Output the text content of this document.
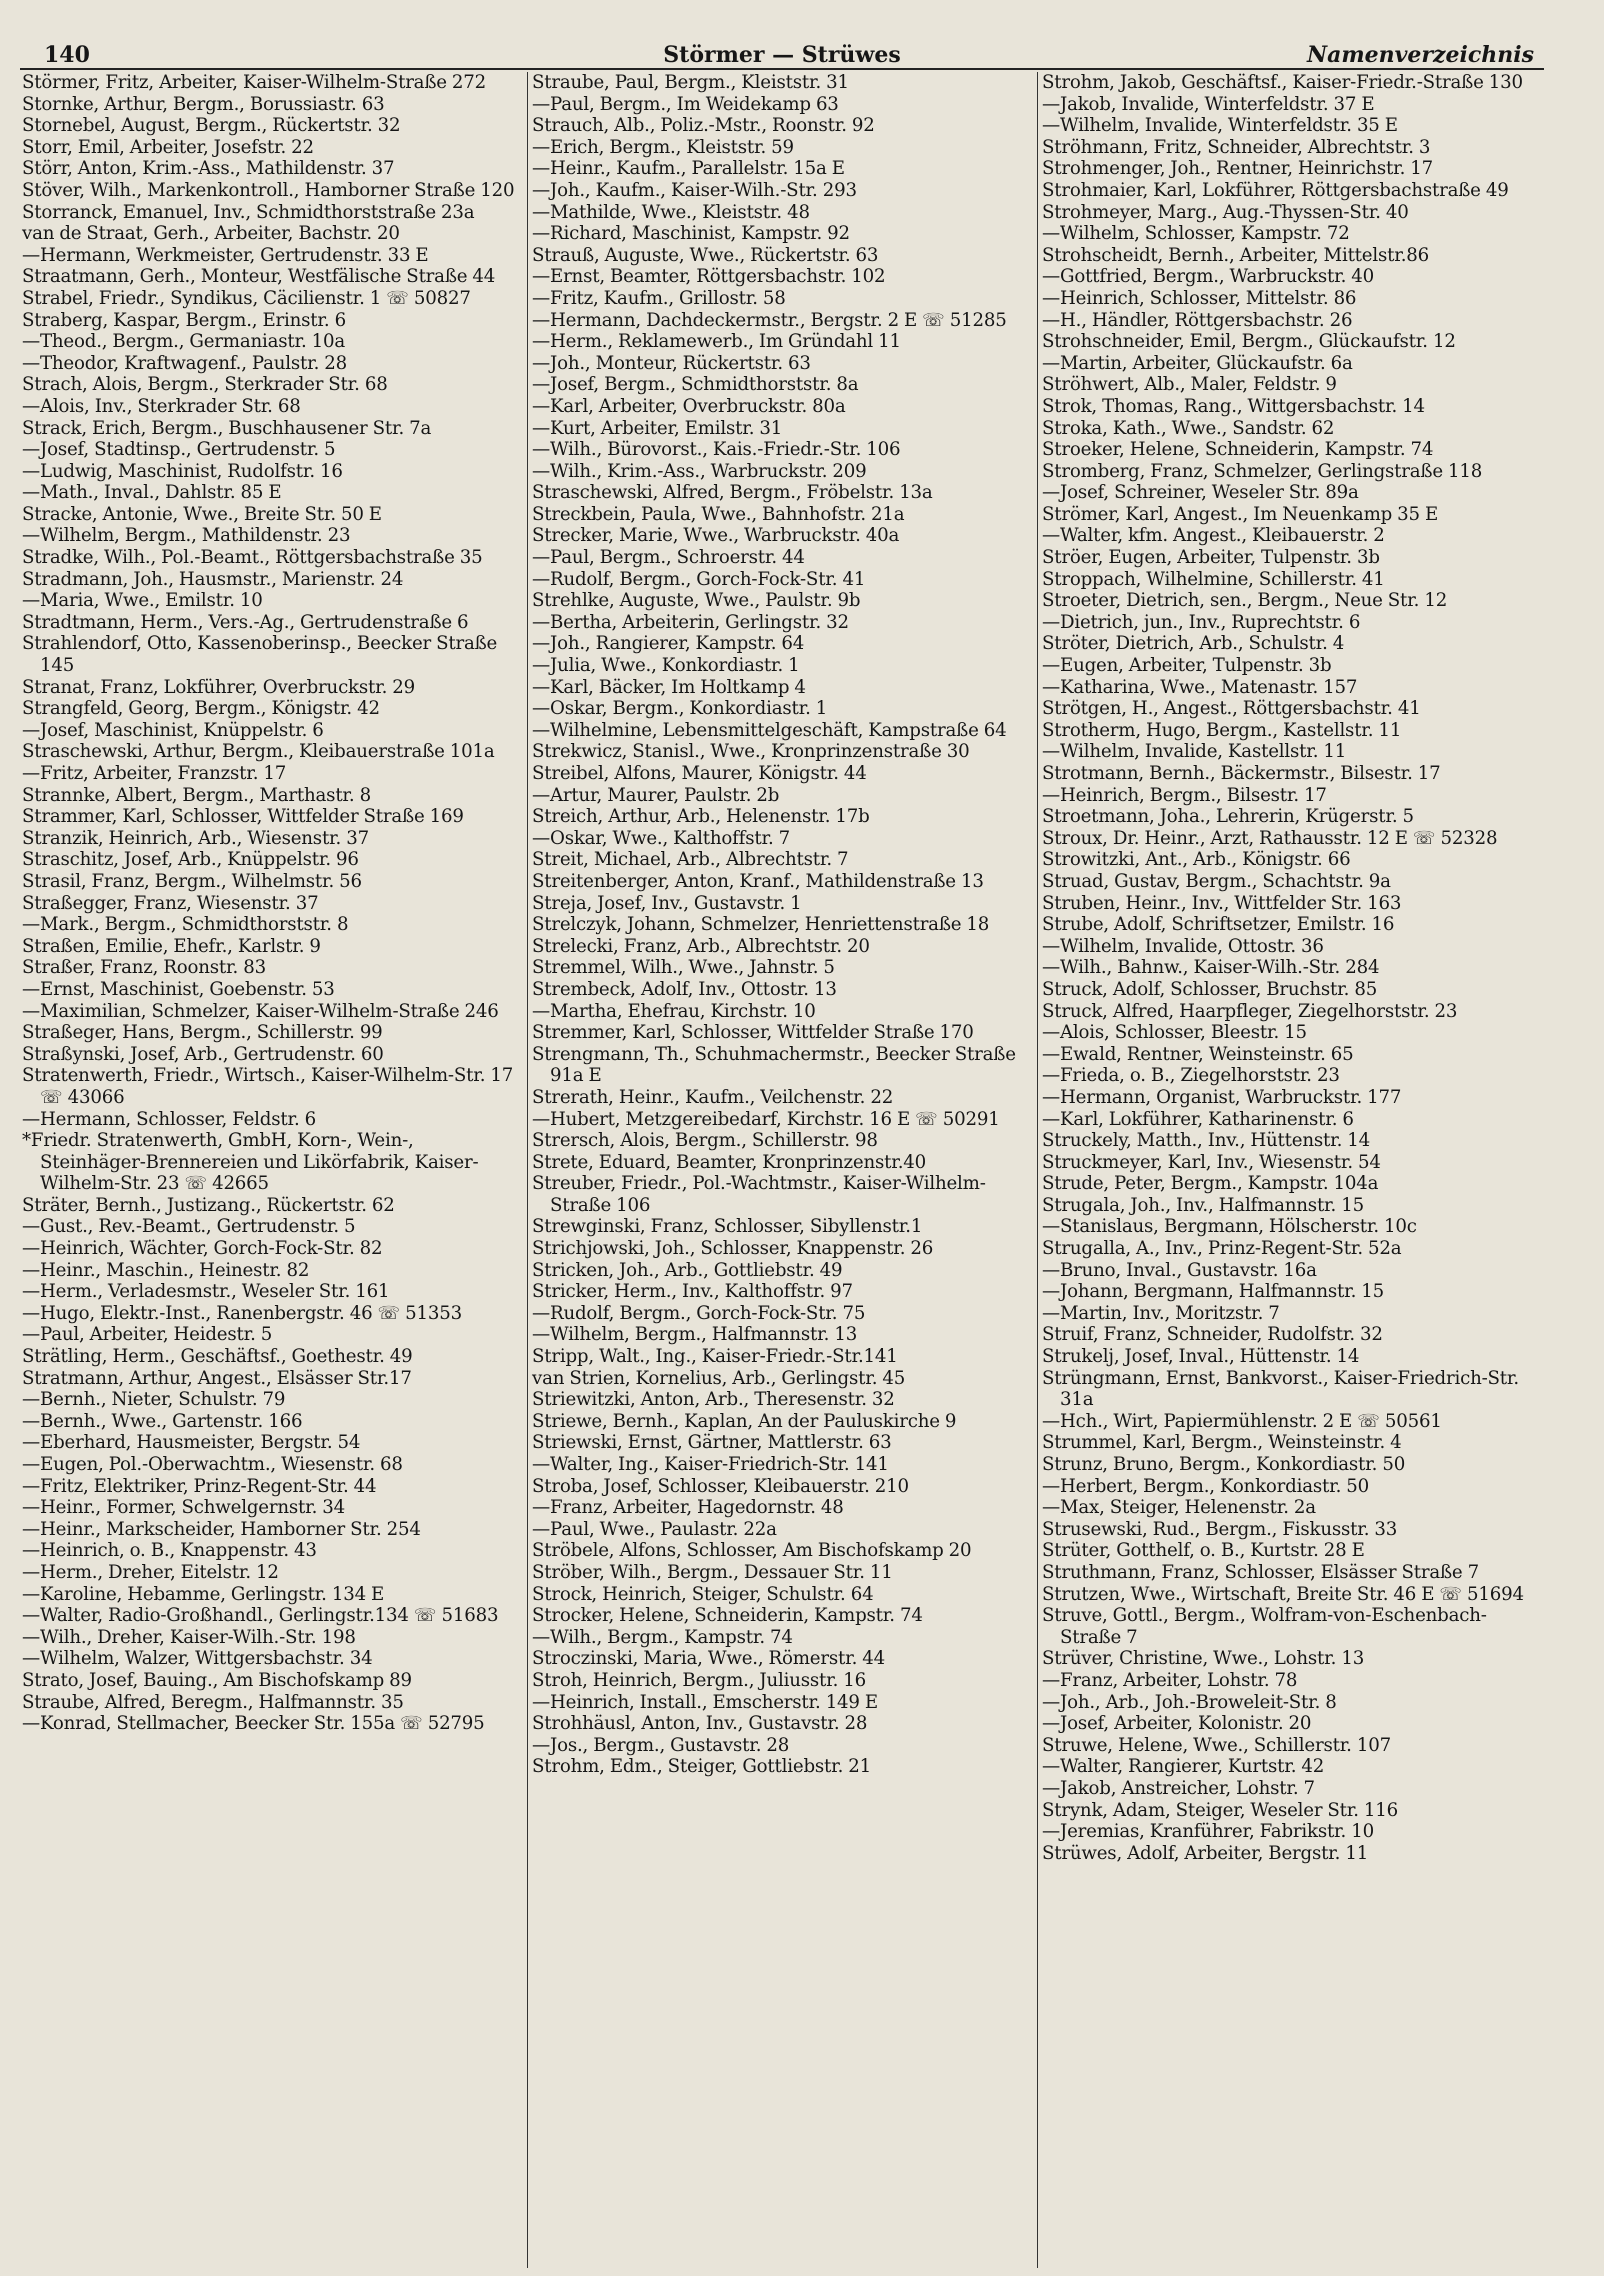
140	Störmer — Strüwes	Namenverzeichnis
Störmer, Fritz, Arbeiter, Kaiser-Wilhelm-Straße 272
Stornke, Arthur, Bergm., Borussiastr. 63
Stornebel, August, Bergm., Rückertstr. 32
Storr, Emil, Arbeiter, Josefstr. 22
Störr, Anton, Krim.-Ass., Mathildenstr. 37
Stöver, Wilh., Markenkontroll., Hamborner Straße 120
Storranck, Emanuel, Inv., Schmidthorststraße 23a
van de Straat, Gerh., Arbeiter, Bachstr. 20
—Hermann, Werkmeister, Gertrudenstr. 33 E
Straatmann, Gerh., Monteur, Westfälische Straße 44
Strabel, Friedr., Syndikus, Cäcilienstr. 1 ☏ 50827
Straberg, Kaspar, Bergm., Erinstr. 6
—Theod., Bergm., Germaniastr. 10a
—Theodor, Kraftwagenf., Paulstr. 28
Strach, Alois, Bergm., Sterkrader Str. 68
—Alois, Inv., Sterkrader Str. 68
Strack, Erich, Bergm., Buschhausener Str. 7a
—Josef, Stadtinsp., Gertrudenstr. 5
—Ludwig, Maschinist, Rudolfstr. 16
—Math., Inval., Dahlstr. 85 E
Stracke, Antonie, Wwe., Breite Str. 50 E
—Wilhelm, Bergm., Mathildenstr. 23
Stradke, Wilh., Pol.-Beamt., Röttgersbachstraße 35
Stradmann, Joh., Hausmstr., Marienstr. 24
—Maria, Wwe., Emilstr. 10
Stradtmann, Herm., Vers.-Ag., Gertrudenstraße 6
Strahlendorf, Otto, Kassenoberinsp., Beecker Straße 145
Stranat, Franz, Lokführer, Overbruckstr. 29
Strangfeld, Georg, Bergm., Königstr. 42
—Josef, Maschinist, Knüppelstr. 6
Straschewski, Arthur, Bergm., Kleibauerstraße 101a
—Fritz, Arbeiter, Franzstr. 17
Strannke, Albert, Bergm., Marthastr. 8
Strammer, Karl, Schlosser, Wittfelder Straße 169
Stranzik, Heinrich, Arb., Wiesenstr. 37
Straschitz, Josef, Arb., Knüppelstr. 96
Strasil, Franz, Bergm., Wilhelmstr. 56
Straßegger, Franz, Wiesenstr. 37
—Mark., Bergm., Schmidthorststr. 8
Straßen, Emilie, Ehefr., Karlstr. 9
Straßer, Franz, Roonstr. 83
—Ernst, Maschinist, Goebenstr. 53
—Maximilian, Schmelzer, Kaiser-Wilhelm-Straße 246
Straßeger, Hans, Bergm., Schillerstr. 99
Straßynski, Josef, Arb., Gertrudenstr. 60
Stratenwerth, Friedr., Wirtsch., Kaiser-Wilhelm-Str. 17 ☏ 43066
—Hermann, Schlosser, Feldstr. 6
*Friedr. Stratenwerth, GmbH, Korn-, Wein-, Steinhäger-Brennereien und Likörfabrik, Kaiser-Wilhelm-Str. 23 ☏ 42665
Sträter, Bernh., Justizang., Rückertstr. 62
—Gust., Rev.-Beamt., Gertrudenstr. 5
—Heinrich, Wächter, Gorch-Fock-Str. 82
—Heinr., Maschin., Heinestr. 82
—Herm., Verladesmstr., Weseler Str. 161
—Hugo, Elektr.-Inst., Ranenbergstr. 46 ☏ 51353
—Paul, Arbeiter, Heidestr. 5
Strätling, Herm., Geschäftsf., Goethestr. 49
Stratmann, Arthur, Angest., Elsässer Str.17
—Bernh., Nieter, Schulstr. 79
—Bernh., Wwe., Gartenstr. 166
—Eberhard, Hausmeister, Bergstr. 54
—Eugen, Pol.-Oberwachtm., Wiesenstr. 68
—Fritz, Elektriker, Prinz-Regent-Str. 44
—Heinr., Former, Schwelgernstr. 34
—Heinr., Markscheider, Hamborner Str. 254
—Heinrich, o. B., Knappenstr. 43
—Herm., Dreher, Eitelstr. 12
—Karoline, Hebamme, Gerlingstr. 134 E
—Walter, Radio-Großhandl., Gerlingstr.134 ☏ 51683
—Wilh., Dreher, Kaiser-Wilh.-Str. 198
—Wilhelm, Walzer, Wittgersbachstr. 34
Strato, Josef, Bauing., Am Bischofskamp 89
Straube, Alfred, Beregm., Halfmannstr. 35
—Konrad, Stellmacher, Beecker Str. 155a ☏ 52795
Straube, Paul, Bergm., Kleiststr. 31
—Paul, Bergm., Im Weidekamp 63
Strauch, Alb., Poliz.-Mstr., Roonstr. 92
—Erich, Bergm., Kleiststr. 59
—Heinr., Kaufm., Parallelstr. 15a E
—Joh., Kaufm., Kaiser-Wilh.-Str. 293
—Mathilde, Wwe., Kleiststr. 48
—Richard, Maschinist, Kampstr. 92
Strauß, Auguste, Wwe., Rückertstr. 63
—Ernst, Beamter, Röttgersbachstr. 102
—Fritz, Kaufm., Grillostr. 58
—Hermann, Dachdeckermstr., Bergstr. 2 E ☏ 51285
—Herm., Reklamewerb., Im Gründahl 11
—Joh., Monteur, Rückertstr. 63
—Josef, Bergm., Schmidthorststr. 8a
—Karl, Arbeiter, Overbruckstr. 80a
—Kurt, Arbeiter, Emilstr. 31
—Wilh., Bürovorst., Kais.-Friedr.-Str. 106
—Wilh., Krim.-Ass., Warbruckstr. 209
Straschewski, Alfred, Bergm., Fröbelstr. 13a
Streckbein, Paula, Wwe., Bahnhofstr. 21a
Strecker, Marie, Wwe., Warbruckstr. 40a
—Paul, Bergm., Schroerstr. 44
—Rudolf, Bergm., Gorch-Fock-Str. 41
Strehlke, Auguste, Wwe., Paulstr. 9b
—Bertha, Arbeiterin, Gerlingstr. 32
—Joh., Rangierer, Kampstr. 64
—Julia, Wwe., Konkordiastr. 1
—Karl, Bäcker, Im Holtkamp 4
—Oskar, Bergm., Konkordiastr. 1
—Wilhelmine, Lebensmittelgeschäft, Kampstraße 64
Strekwicz, Stanisl., Wwe., Kronprinzenstraße 30
Streibel, Alfons, Maurer, Königstr. 44
—Artur, Maurer, Paulstr. 2b
Streich, Arthur, Arb., Helenenstr. 17b
—Oskar, Wwe., Kalthoffstr. 7
Streit, Michael, Arb., Albrechtstr. 7
Streitenberger, Anton, Kranf., Mathildenstraße 13
Streja, Josef, Inv., Gustavstr. 1
Strelczyk, Johann, Schmelzer, Henriettenstraße 18
Strelecki, Franz, Arb., Albrechtstr. 20
Stremmel, Wilh., Wwe., Jahnstr. 5
Strembeck, Adolf, Inv., Ottostr. 13
—Martha, Ehefrau, Kirchstr. 10
Stremmer, Karl, Schlosser, Wittfelder Straße 170
Strengmann, Th., Schuhmachermstr., Beecker Straße 91a E
Strerath, Heinr., Kaufm., Veilchenstr. 22
—Hubert, Metzgereibedarf, Kirchstr. 16 E ☏ 50291
Strersch, Alois, Bergm., Schillerstr. 98
Strete, Eduard, Beamter, Kronprinzenstr.40
Streuber, Friedr., Pol.-Wachtmstr., Kaiser-Wilhelm-Straße 106
Strewginski, Franz, Schlosser, Sibyllenstr.1
Strichjowski, Joh., Schlosser, Knappenstr. 26
Stricken, Joh., Arb., Gottliebstr. 49
Stricker, Herm., Inv., Kalthoffstr. 97
—Rudolf, Bergm., Gorch-Fock-Str. 75
—Wilhelm, Bergm., Halfmannstr. 13
Stripp, Walt., Ing., Kaiser-Friedr.-Str.141
van Strien, Kornelius, Arb., Gerlingstr. 45
Striewitzki, Anton, Arb., Theresenstr. 32
Striewe, Bernh., Kaplan, An der Pauluskirche 9
Striewski, Ernst, Gärtner, Mattlerstr. 63
—Walter, Ing., Kaiser-Friedrich-Str. 141
Stroba, Josef, Schlosser, Kleibauerstr. 210
—Franz, Arbeiter, Hagedornstr. 48
—Paul, Wwe., Paulastr. 22a
Ströbele, Alfons, Schlosser, Am Bischofskamp 20
Ströber, Wilh., Bergm., Dessauer Str. 11
Strock, Heinrich, Steiger, Schulstr. 64
Strocker, Helene, Schneiderin, Kampstr. 74
—Wilh., Bergm., Kampstr. 74
Stroczinski, Maria, Wwe., Römerstr. 44
Stroh, Heinrich, Bergm., Juliusstr. 16
—Heinrich, Install., Emscherstr. 149 E
Strohhäusl, Anton, Inv., Gustavstr. 28
—Jos., Bergm., Gustavstr. 28
Strohm, Edm., Steiger, Gottliebstr. 21
Strohm, Jakob, Geschäftsf., Kaiser-Friedr.-Straße 130
—Jakob, Invalide, Winterfeldstr. 37 E
—Wilhelm, Invalide, Winterfeldstr. 35 E
Ströhmann, Fritz, Schneider, Albrechtstr. 3
Strohmenger, Joh., Rentner, Heinrichstr. 17
Strohmaier, Karl, Lokführer, Röttgersbachstraße 49
Strohmeyer, Marg., Aug.-Thyssen-Str. 40
—Wilhelm, Schlosser, Kampstr. 72
Strohscheidt, Bernh., Arbeiter, Mittelstr.86
—Gottfried, Bergm., Warbruckstr. 40
—Heinrich, Schlosser, Mittelstr. 86
—H., Händler, Röttgersbachstr. 26
Strohschneider, Emil, Bergm., Glückaufstr. 12
—Martin, Arbeiter, Glückaufstr. 6a
Ströhwert, Alb., Maler, Feldstr. 9
Strok, Thomas, Rang., Wittgersbachstr. 14
Stroka, Kath., Wwe., Sandstr. 62
Stroeker, Helene, Schneiderin, Kampstr. 74
Stromberg, Franz, Schmelzer, Gerlingstraße 118
—Josef, Schreiner, Weseler Str. 89a
Strömer, Karl, Angest., Im Neuenkamp 35 E
—Walter, kfm. Angest., Kleibauerstr. 2
Ströer, Eugen, Arbeiter, Tulpenstr. 3b
Stroppach, Wilhelmine, Schillerstr. 41
Stroeter, Dietrich, sen., Bergm., Neue Str. 12
—Dietrich, jun., Inv., Ruprechtstr. 6
Ströter, Dietrich, Arb., Schulstr. 4
—Eugen, Arbeiter, Tulpenstr. 3b
—Katharina, Wwe., Matenastr. 157
Strötgen, H., Angest., Röttgersbachstr. 41
Strotherm, Hugo, Bergm., Kastellstr. 11
—Wilhelm, Invalide, Kastellstr. 11
Strotmann, Bernh., Bäckermstr., Bilsestr. 17
—Heinrich, Bergm., Bilsestr. 17
Stroetmann, Joha., Lehrerin, Krügerstr. 5
Stroux, Dr. Heinr., Arzt, Rathausstr. 12 E ☏ 52328
Strowitzki, Ant., Arb., Königstr. 66
Struad, Gustav, Bergm., Schachtstr. 9a
Struben, Heinr., Inv., Wittfelder Str. 163
Strube, Adolf, Schriftsetzer, Emilstr. 16
—Wilhelm, Invalide, Ottostr. 36
—Wilh., Bahnw., Kaiser-Wilh.-Str. 284
Struck, Adolf, Schlosser, Bruchstr. 85
Struck, Alfred, Haarpfleger, Ziegelhorststr. 23
—Alois, Schlosser, Bleestr. 15
—Ewald, Rentner, Weinsteinstr. 65
—Frieda, o. B., Ziegelhorststr. 23
—Hermann, Organist, Warbruckstr. 177
—Karl, Lokführer, Katharinenstr. 6
Struckely, Matth., Inv., Hüttenstr. 14
Struckmeyer, Karl, Inv., Wiesenstr. 54
Strude, Peter, Bergm., Kampstr. 104a
Strugala, Joh., Inv., Halfmannstr. 15
—Stanislaus, Bergmann, Hölscherstr. 10c
Strugalla, A., Inv., Prinz-Regent-Str. 52a
—Bruno, Inval., Gustavstr. 16a
—Johann, Bergmann, Halfmannstr. 15
—Martin, Inv., Moritzstr. 7
Struif, Franz, Schneider, Rudolfstr. 32
Strukelj, Josef, Inval., Hüttenstr. 14
Strüngmann, Ernst, Bankvorst., Kaiser-Friedrich-Str. 31a
—Hch., Wirt, Papiermühlenstr. 2 E ☏ 50561
Strummel, Karl, Bergm., Weinsteinstr. 4
Strunz, Bruno, Bergm., Konkordiastr. 50
—Herbert, Bergm., Konkordiastr. 50
—Max, Steiger, Helenenstr. 2a
Strusewski, Rud., Bergm., Fiskusstr. 33
Strüter, Gotthelf, o. B., Kurtstr. 28 E
Struthmann, Franz, Schlosser, Elsässer Straße 7
Strutzen, Wwe., Wirtschaft, Breite Str. 46 E ☏ 51694
Struve, Gottl., Bergm., Wolfram-von-Eschenbach-Straße 7
Strüver, Christine, Wwe., Lohstr. 13
—Franz, Arbeiter, Lohstr. 78
—Joh., Arb., Joh.-Broweleit-Str. 8
—Josef, Arbeiter, Kolonistr. 20
Struwe, Helene, Wwe., Schillerstr. 107
—Walter, Rangierer, Kurtstr. 42
—Jakob, Anstreicher, Lohstr. 7
Strynk, Adam, Steiger, Weseler Str. 116
—Jeremias, Kranführer, Fabrikstr. 10
Strüwes, Adolf, Arbeiter, Bergstr. 11
